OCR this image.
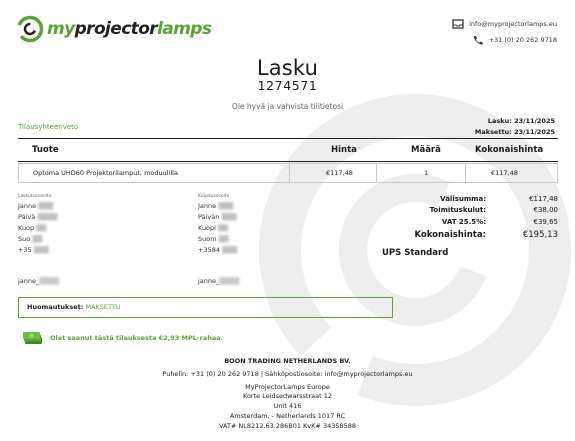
myprojectorlamps	info@myprojectorlamps.eu
+31 (0) 20 262 9718
Lasku
1274571
Ole hyvä ja vahvista tilitietosi
Tilausyhteenveto
Lasku: 23/11/2025
Maksettu: 23/11/2025
Tuote	Hinta	Määrä	Kokonaishinta
Optoma UHD60 Projektorilamput, moduulilla	€117,48	1	€117,48
Laskutusosoite
Janne ▒▒▒
Päivä ▒▒▒▒
Kuop ▒▒
Suo ▒▒
+35 ▒▒▒
janne_▒▒▒▒
Kuljetusosoite
Janne ▒▒▒
Päivän ▒▒▒
Kuopi ▒▒
Suom ▒▒
+3584 ▒▒▒
janne_▒▒▒▒
Välisumma:	€117,48
Toimituskulut:	€38,00
VAT 25.5%:	€39,65
Kokonaishinta:	€195,13
UPS Standard
Huomautukset: MAKSETTU
Olet saanut tästä tilauksesta €2,93 MPL-rahaa.
BOON TRADING NETHERLANDS BV.
Puhelin: +31 (0) 20 262 9718 | Sähköpostiosoite: info@myprojectorlamps.eu
MyProjectorLamps Europe
Korte Leidsedwarsstraat 12
Unit 416
Amsterdam, - Netherlands 1017 RC
VAT# NL8212.63.286B01 KvK# 34358588
